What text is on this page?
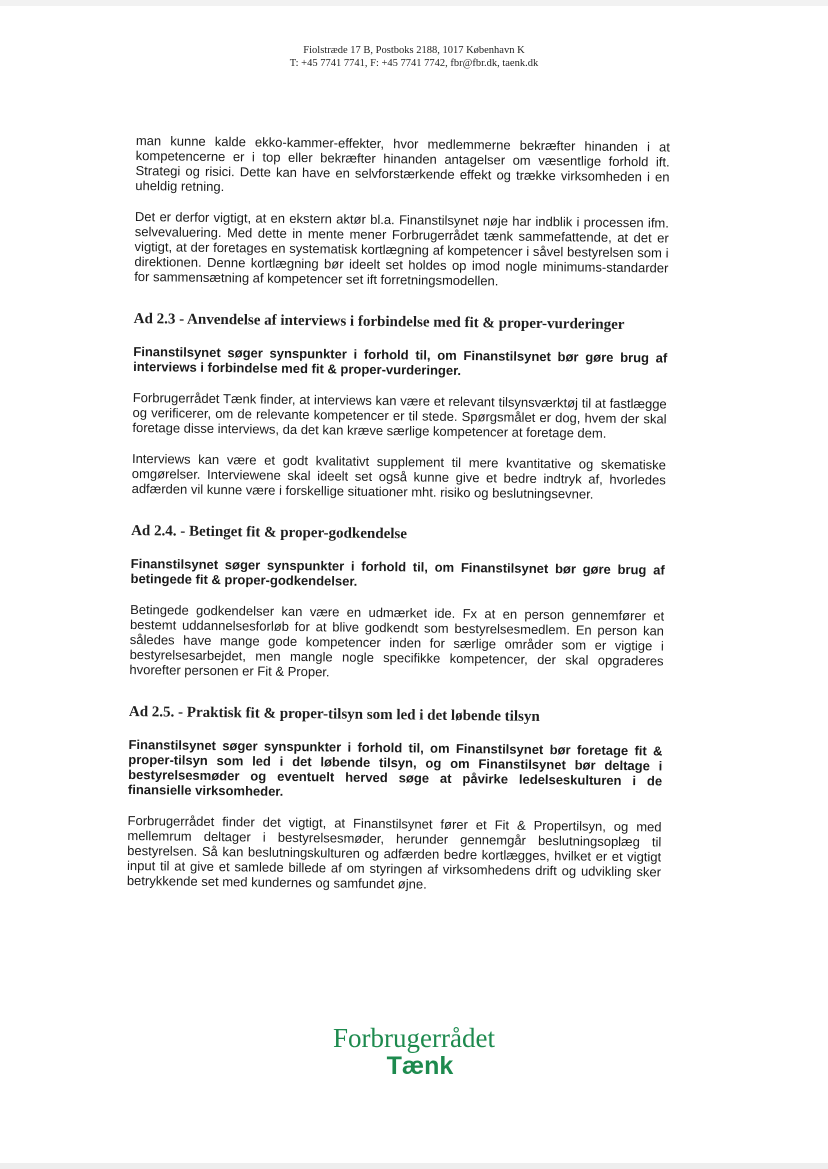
Fiolstræde 17 B, Postboks 2188, 1017 København K
T: +45 7741 7741, F: +45 7741 7742, fbr@fbr.dk, taenk.dk

man kunne kalde ekko-kammer-effekter, hvor medlemmerne bekræfter hinanden i at kompetencerne er i top eller bekræfter hinanden antagelser om væsentlige forhold ift. Strategi og risici. Dette kan have en selvforstærkende effekt og trække virksomheden i en uheldig retning.

Det er derfor vigtigt, at en ekstern aktør bl.a. Finanstilsynet nøje har indblik i processen ifm. selvevaluering. Med dette in mente mener Forbrugerrådet tænk sammefattende, at det er vigtigt, at der foretages en systematisk kortlægning af kompetencer i såvel bestyrelsen som i direktionen. Denne kortlægning bør ideelt set holdes op imod nogle minimums-standarder for sammensætning af kompetencer set ift forretningsmodellen.

Ad 2.3 - Anvendelse af interviews i forbindelse med fit & proper-vurderinger

Finanstilsynet søger synspunkter i forhold til, om Finanstilsynet bør gøre brug af interviews i forbindelse med fit & proper-vurderinger.

Forbrugerrådet Tænk finder, at interviews kan være et relevant tilsynsværktøj til at fastlægge og verificerer, om de relevante kompetencer er til stede. Spørgsmålet er dog, hvem der skal foretage disse interviews, da det kan kræve særlige kompetencer at foretage dem.

Interviews kan være et godt kvalitativt supplement til mere kvantitative og skematiske omgørelser. Interviewene skal ideelt set også kunne give et bedre indtryk af, hvorledes adfærden vil kunne være i forskellige situationer mht. risiko og beslutningsevner.

Ad 2.4. - Betinget fit & proper-godkendelse

Finanstilsynet søger synspunkter i forhold til, om Finanstilsynet bør gøre brug af betingede fit & proper-godkendelser.

Betingede godkendelser kan være en udmærket ide. Fx at en person gennemfører et bestemt uddannelsesforløb for at blive godkendt som bestyrelsesmedlem. En person kan således have mange gode kompetencer inden for særlige områder som er vigtige i bestyrelsesarbejdet, men mangle nogle specifikke kompetencer, der skal opgraderes hvorefter personen er Fit & Proper.

Ad 2.5. - Praktisk fit & proper-tilsyn som led i det løbende tilsyn

Finanstilsynet søger synspunkter i forhold til, om Finanstilsynet bør foretage fit & proper-tilsyn som led i det løbende tilsyn, og om Finanstilsynet bør deltage i bestyrelsesmøder og eventuelt herved søge at påvirke ledelseskulturen i de finansielle virksomheder.

Forbrugerrådet finder det vigtigt, at Finanstilsynet fører et Fit & Propertilsyn, og med mellemrum deltager i bestyrelsesmøder, herunder gennemgår beslutningsoplæg til bestyrelsen. Så kan beslutningskulturen og adfærden bedre kortlægges, hvilket er et vigtigt input til at give et samlede billede af om styringen af virksomhedens drift og udvikling sker betrykkende set med kundernes og samfundet øjne.

Forbrugerrådet
Tænk
